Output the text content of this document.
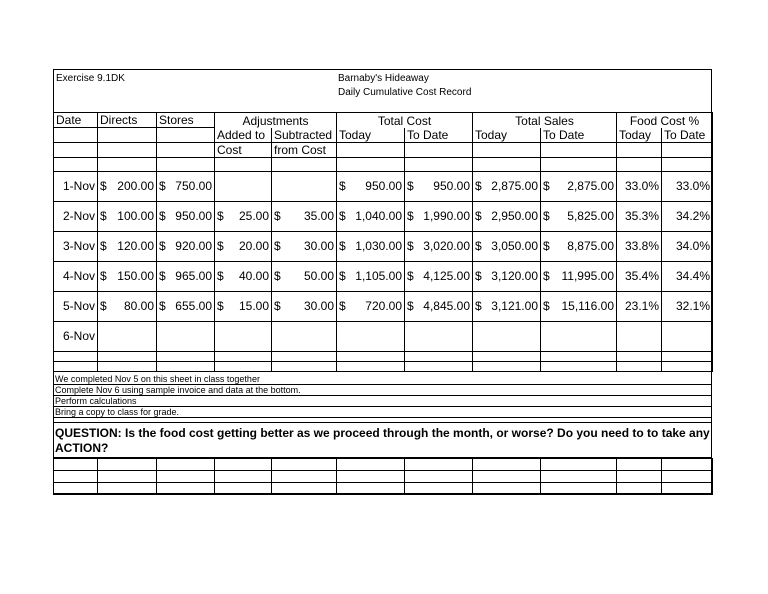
Exercise 9.1DK	Barnaby's Hideaway
Daily Cumulative Cost Record
Date	Directs	Stores	Adjustments		Total Cost		Total Sales		Food Cost %	
			Added to	Subtracted	Today	To Date	Today	To Date	Today	To Date
			Cost	from Cost						

1-Nov	$ 200.00	$ 750.00			$ 950.00	$ 950.00	$ 2,875.00	$ 2,875.00	33.0%	33.0%
2-Nov	$ 100.00	$ 950.00	$ 25.00	$ 35.00	$ 1,040.00	$ 1,990.00	$ 2,950.00	$ 5,825.00	35.3%	34.2%
3-Nov	$ 120.00	$ 920.00	$ 20.00	$ 30.00	$ 1,030.00	$ 3,020.00	$ 3,050.00	$ 8,875.00	33.8%	34.0%
4-Nov	$ 150.00	$ 965.00	$ 40.00	$ 50.00	$ 1,105.00	$ 4,125.00	$ 3,120.00	$ 11,995.00	35.4%	34.4%
5-Nov	$ 80.00	$ 655.00	$ 15.00	$ 30.00	$ 720.00	$ 4,845.00	$ 3,121.00	$ 15,116.00	23.1%	32.1%
6-Nov										

We completed Nov 5 on this sheet in class together
Complete Nov 6 using sample invoice and data at the bottom.
Perform calculations
Bring a copy to class for grade.
QUESTION: Is the food cost getting better as we proceed through the month, or worse? Do you need to to take any ACTION?
